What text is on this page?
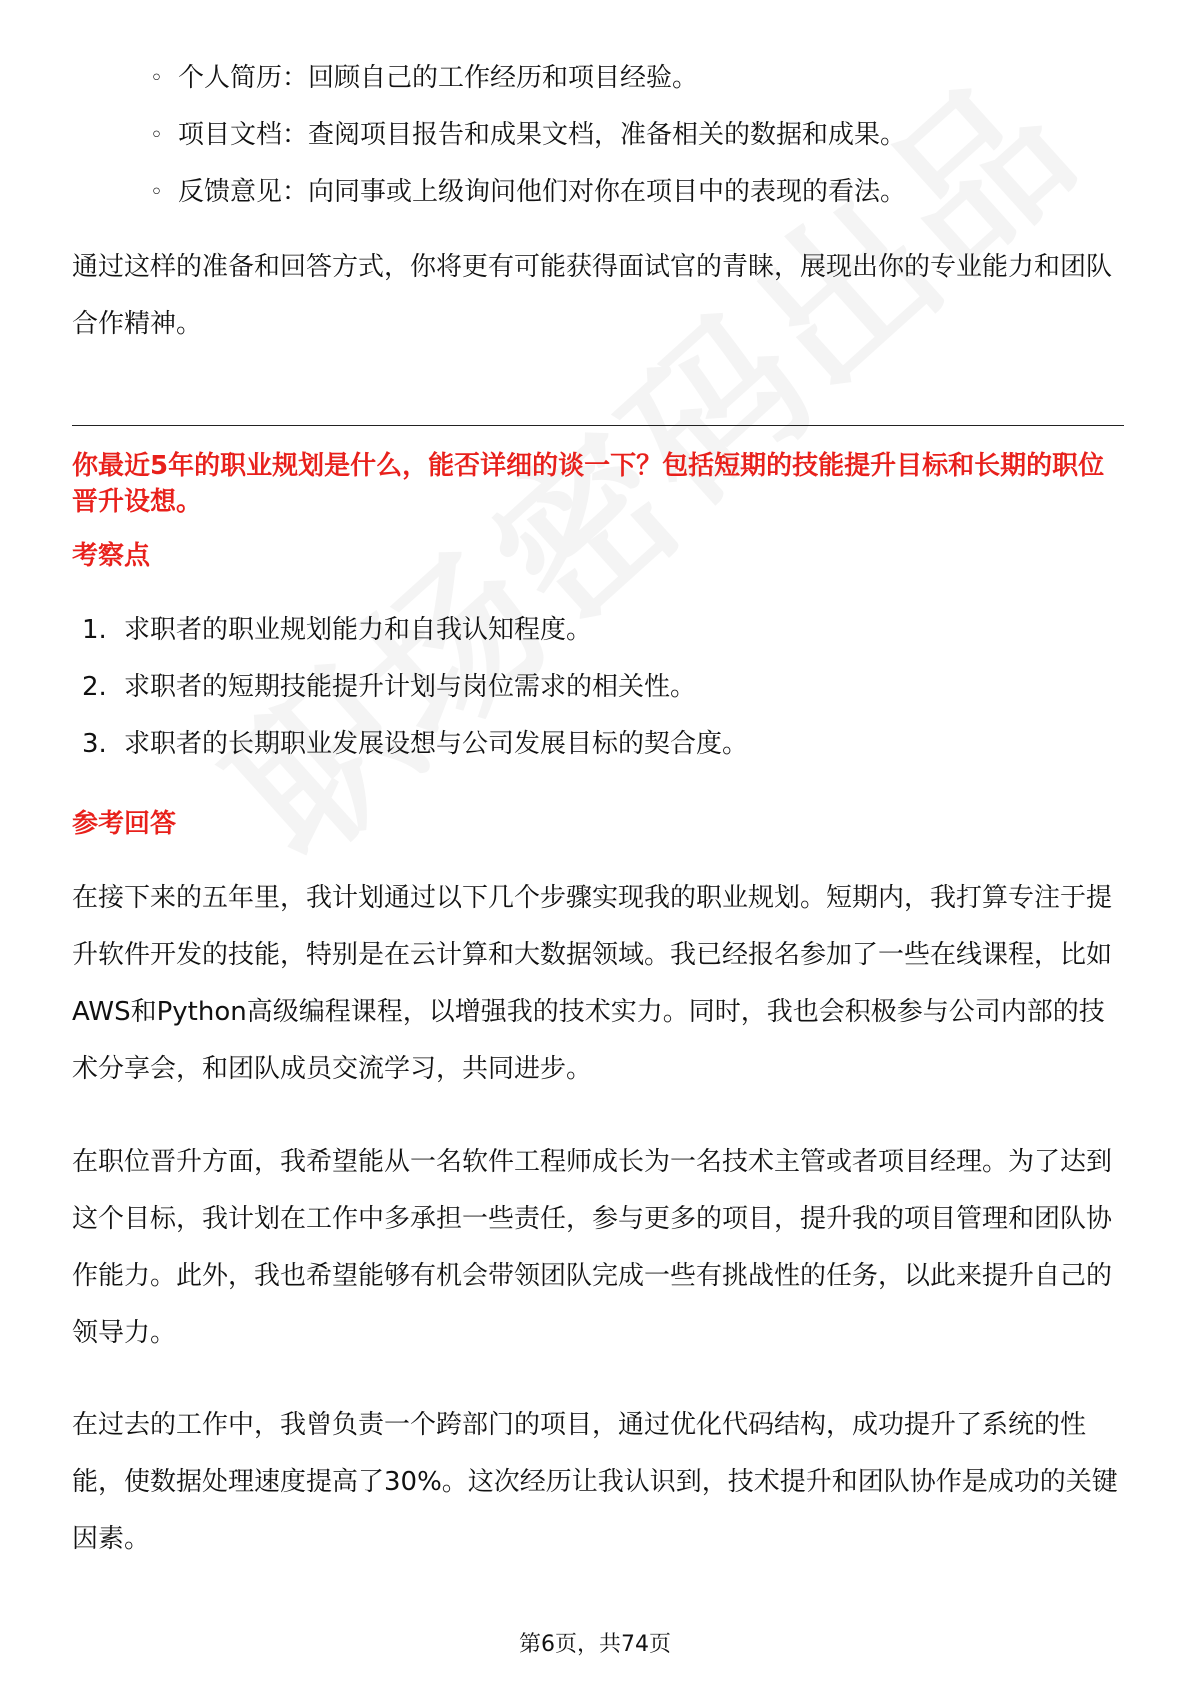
◦ 个人简历：回顾自己的工作经历和项目经验。
◦ 项目文档：查阅项目报告和成果文档，准备相关的数据和成果。
◦ 反馈意见：向同事或上级询问他们对你在项目中的表现的看法。

通过这样的准备和回答方式，你将更有可能获得面试官的青睐，展现出你的专业能力和团队合作精神。

你最近5年的职业规划是什么，能否详细的谈一下？包括短期的技能提升目标和长期的职位晋升设想。

考察点

1. 求职者的职业规划能力和自我认知程度。
2. 求职者的短期技能提升计划与岗位需求的相关性。
3. 求职者的长期职业发展设想与公司发展目标的契合度。

参考回答

在接下来的五年里，我计划通过以下几个步骤实现我的职业规划。短期内，我打算专注于提升软件开发的技能，特别是在云计算和大数据领域。我已经报名参加了一些在线课程，比如AWS和Python高级编程课程，以增强我的技术实力。同时，我也会积极参与公司内部的技术分享会，和团队成员交流学习，共同进步。

在职位晋升方面，我希望能从一名软件工程师成长为一名技术主管或者项目经理。为了达到这个目标，我计划在工作中多承担一些责任，参与更多的项目，提升我的项目管理和团队协作能力。此外，我也希望能够有机会带领团队完成一些有挑战性的任务，以此来提升自己的领导力。

在过去的工作中，我曾负责一个跨部门的项目，通过优化代码结构，成功提升了系统的性能，使数据处理速度提高了30%。这次经历让我认识到，技术提升和团队协作是成功的关键因素。

第6页，共74页
